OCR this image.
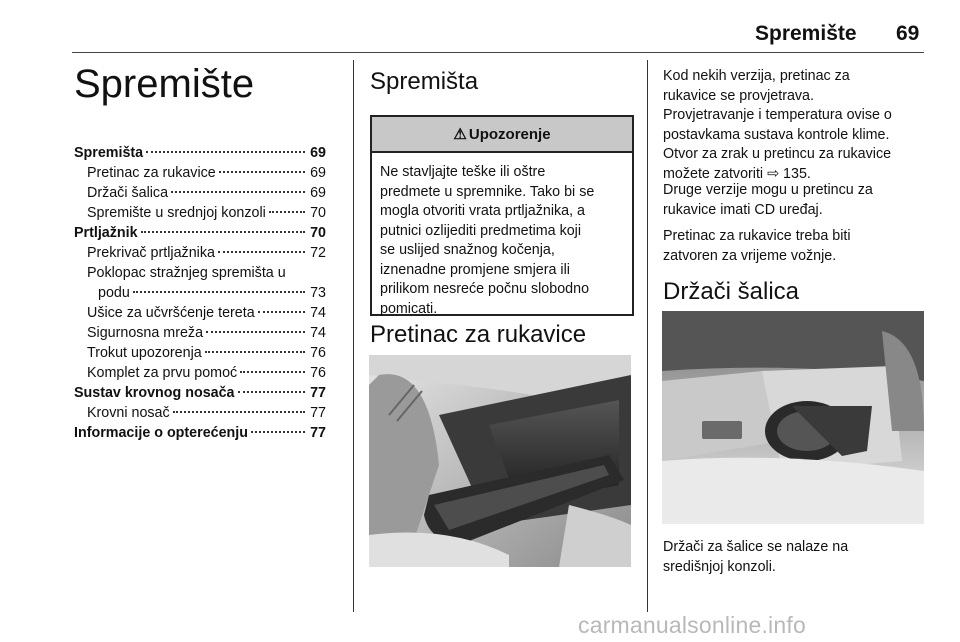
Spremište 69
Spremište
Spremišta	69
Pretinac za rukavice	69
Držači šalica	69
Spremište u srednjoj konzoli	70
Prtljažnik	70
Prekrivač prtljažnika	72
Poklopac stražnjeg spremišta u
podu	73
Ušice za učvršćenje tereta	74
Sigurnosna mreža	74
Trokut upozorenja	76
Komplet za prvu pomoć	76
Sustav krovnog nosača	77
Krovni nosač	77
Informacije o opterećenju	77
Spremišta
⚠ Upozorenje
Ne stavljajte teške ili oštre
predmete u spremnike. Tako bi se
mogla otvoriti vrata prtljažnika, a
putnici ozlijediti predmetima koji
se uslijed snažnog kočenja,
iznenadne promjene smjera ili
prilikom nesreće počnu slobodno
pomicati.
Pretinac za rukavice
Kod nekih verzija, pretinac za
rukavice se provjetrava.
Provjetravanje i temperatura ovise o
postavkama sustava kontrole klime.
Otvor za zrak u pretincu za rukavice
možete zatvoriti ⇨ 135.
Druge verzije mogu u pretincu za
rukavice imati CD uređaj.
Pretinac za rukavice treba biti
zatvoren za vrijeme vožnje.
Držači šalica
Držači za šalice se nalaze na
središnjoj konzoli.
carmanualsonline.info
